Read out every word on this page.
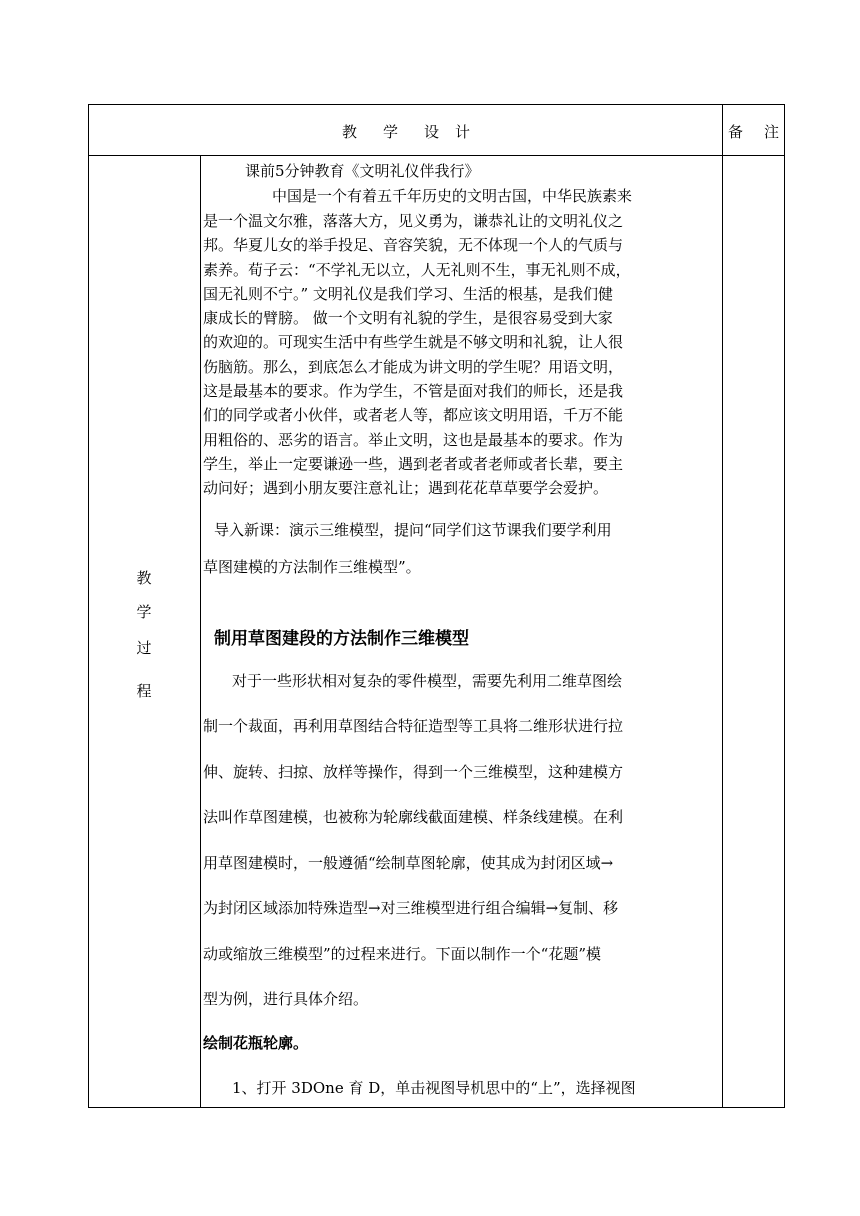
教 学 设 计	备 注
教
学
过
程
课前5分钟教育《文明礼仪伴我行》
中国是一个有着五千年历史的文明古国，中华民族素来
是一个温文尔雅，落落大方，见义勇为，谦恭礼让的文明礼仪之
邦。华夏儿女的举手投足、音容笑貌，无不体现一个人的气质与
素养。荀子云：“不学礼无以立，人无礼则不生，事无礼则不成，
国无礼则不宁。” 文明礼仪是我们学习、生活的根基，是我们健
康成长的臂膀。 做一个文明有礼貌的学生，是很容易受到大家
的欢迎的。可现实生活中有些学生就是不够文明和礼貌，让人很
伤脑筋。那么，到底怎么才能成为讲文明的学生呢？用语文明，
这是最基本的要求。作为学生，不管是面对我们的师长，还是我
们的同学或者小伙伴，或者老人等，都应该文明用语，千万不能
用粗俗的、恶劣的语言。举止文明，这也是最基本的要求。作为
学生，举止一定要谦逊一些，遇到老者或者老师或者长辈，要主
动问好；遇到小朋友要注意礼让；遇到花花草草要学会爱护。
导入新课：演示三维模型，提问“同学们这节课我们要学利用
草图建模的方法制作三维模型”。
制用草图建段的方法制作三维模型
对于一些形状相对复杂的零件模型，需要先利用二维草图绘
制一个裁面，再利用草图结合特征造型等工具将二维形状进行拉
伸、旋转、扫掠、放样等操作，得到一个三维模型，这种建模方
法叫作草图建模，也被称为轮廓线截面建模、样条线建模。在利
用草图建模时，一般遵循“绘制草图轮廓，使其成为封闭区域→
为封闭区域添加特殊造型→对三维模型进行组合编辑→复制、移
动或缩放三维模型”的过程来进行。下面以制作一个“花题”模
型为例，进行具体介绍。
绘制花瓶轮廓。
1、打开 3DOne 育 D，单击视图导机思中的“上”，选择视图
